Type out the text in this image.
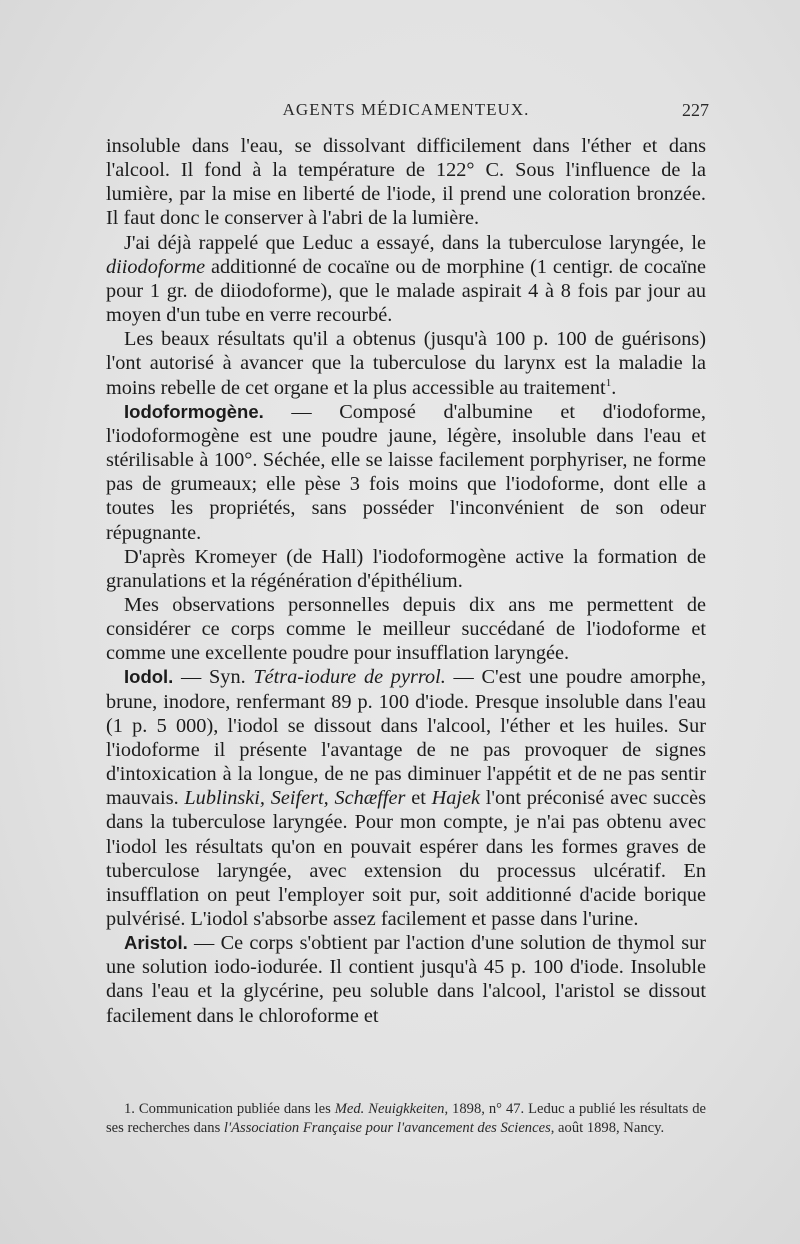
AGENTS MÉDICAMENTEUX.	227

insoluble dans l'eau, se dissolvant difficilement dans l'éther et dans l'alcool. Il fond à la température de 122° C. Sous l'influence de la lumière, par la mise en liberté de l'iode, il prend une coloration bronzée. Il faut donc le conserver à l'abri de la lumière.

J'ai déjà rappelé que Leduc a essayé, dans la tuberculose laryngée, le diiodoforme additionné de cocaïne ou de morphine (1 centigr. de cocaïne pour 1 gr. de diiodoforme), que le malade aspirait 4 à 8 fois par jour au moyen d'un tube en verre recourbé.

Les beaux résultats qu'il a obtenus (jusqu'à 100 p. 100 de guérisons) l'ont autorisé à avancer que la tuberculose du larynx est la maladie la moins rebelle de cet organe et la plus accessible au traitement$^1$.

Iodoformogène. — Composé d'albumine et d'iodoforme, l'iodoformogène est une poudre jaune, légère, insoluble dans l'eau et stérilisable à 100°. Séchée, elle se laisse facilement porphyriser, ne forme pas de grumeaux; elle pèse 3 fois moins que l'iodoforme, dont elle a toutes les propriétés, sans posséder l'inconvénient de son odeur répugnante.

D'après Kromeyer (de Hall) l'iodoformogène active la formation de granulations et la régénération d'épithélium.

Mes observations personnelles depuis dix ans me permettent de considérer ce corps comme le meilleur succédané de l'iodoforme et comme une excellente poudre pour insufflation laryngée.

Iodol. — Syn. Tétra-iodure de pyrrol. — C'est une poudre amorphe, brune, inodore, renfermant 89 p. 100 d'iode. Presque insoluble dans l'eau (1 p. 5 000), l'iodol se dissout dans l'alcool, l'éther et les huiles. Sur l'iodoforme il présente l'avantage de ne pas provoquer de signes d'intoxication à la longue, de ne pas diminuer l'appétit et de ne pas sentir mauvais. Lublinski, Seifert, Schæffer et Hajek l'ont préconisé avec succès dans la tuberculose laryngée. Pour mon compte, je n'ai pas obtenu avec l'iodol les résultats qu'on en pouvait espérer dans les formes graves de tuberculose laryngée, avec extension du processus ulcératif. En insufflation on peut l'employer soit pur, soit additionné d'acide borique pulvérisé. L'iodol s'absorbe assez facilement et passe dans l'urine.

Aristol. — Ce corps s'obtient par l'action d'une solution de thymol sur une solution iodo-iodurée. Il contient jusqu'à 45 p. 100 d'iode. Insoluble dans l'eau et la glycérine, peu soluble dans l'alcool, l'aristol se dissout facilement dans le chloroforme et

1. Communication publiée dans les Med. Neuigkkeiten, 1898, n° 47. Leduc a publié les résultats de ses recherches dans l'Association Française pour l'avancement des Sciences, août 1898, Nancy.
